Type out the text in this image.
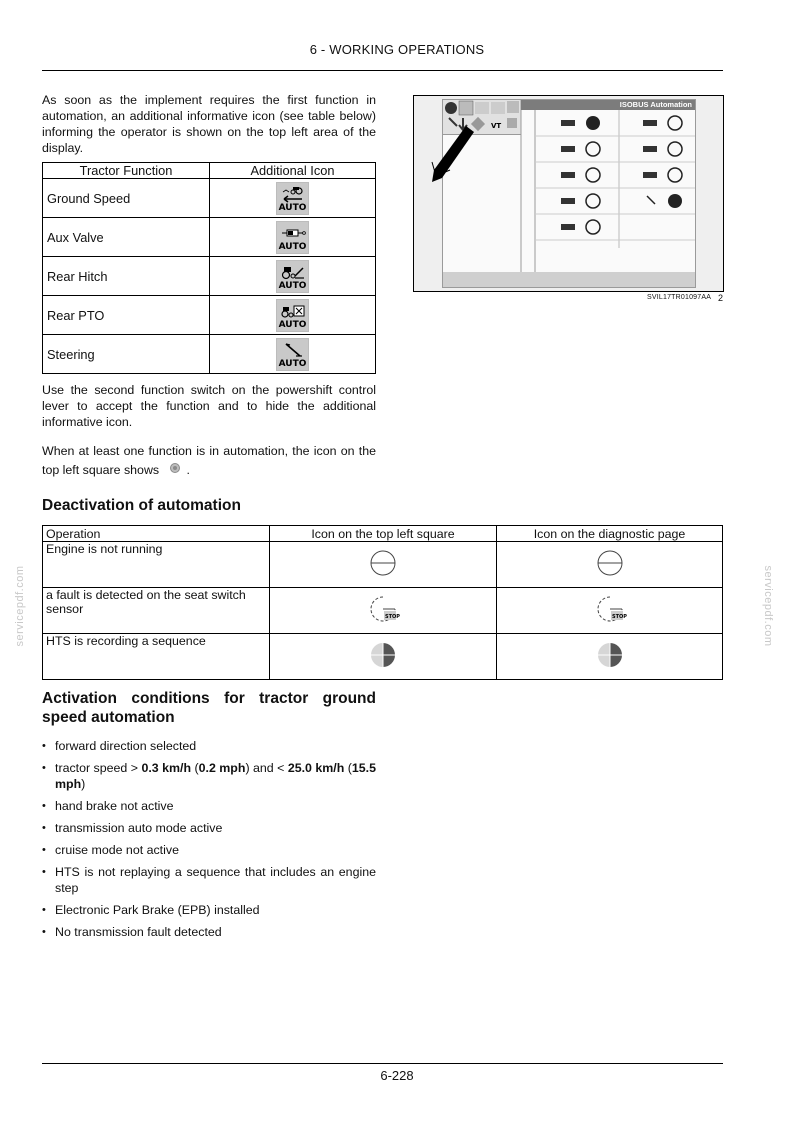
6 - WORKING OPERATIONS
As soon as the implement requires the first function in automation, an additional informative icon (see table below) informing the operator is shown on the top left area of the display.
Tractor Function	Additional Icon
Ground Speed	AUTO

Aux Valve	AUTO

Rear Hitch	AUTO

Rear PTO	AUTO

Steering	AUTO
Use the second function switch on the powershift control lever to accept the function and to hide the additional informative icon.
When at least one function is in automation, the icon on the top left square shows .
VT
ISOBUS Automation
SVIL17TR01097AA 2
Deactivation of automation
Operation	Icon on the top left square	Icon on the diagnostic page
Engine is not running		
a fault is detected on the seat switch sensor	STOP	STOP

HTS is recording a sequence		
Activation conditions for tractor ground speed automation
• forward direction selected
• tractor speed > 0.3 km/h (0.2 mph) and < 25.0 km/h (15.5 mph)
• hand brake not active
• transmission auto mode active
• cruise mode not active
• HTS is not replaying a sequence that includes an engine step
• Electronic Park Brake (EPB) installed
• No transmission fault detected
servicepdf.com	servicepdf.com
6-228
